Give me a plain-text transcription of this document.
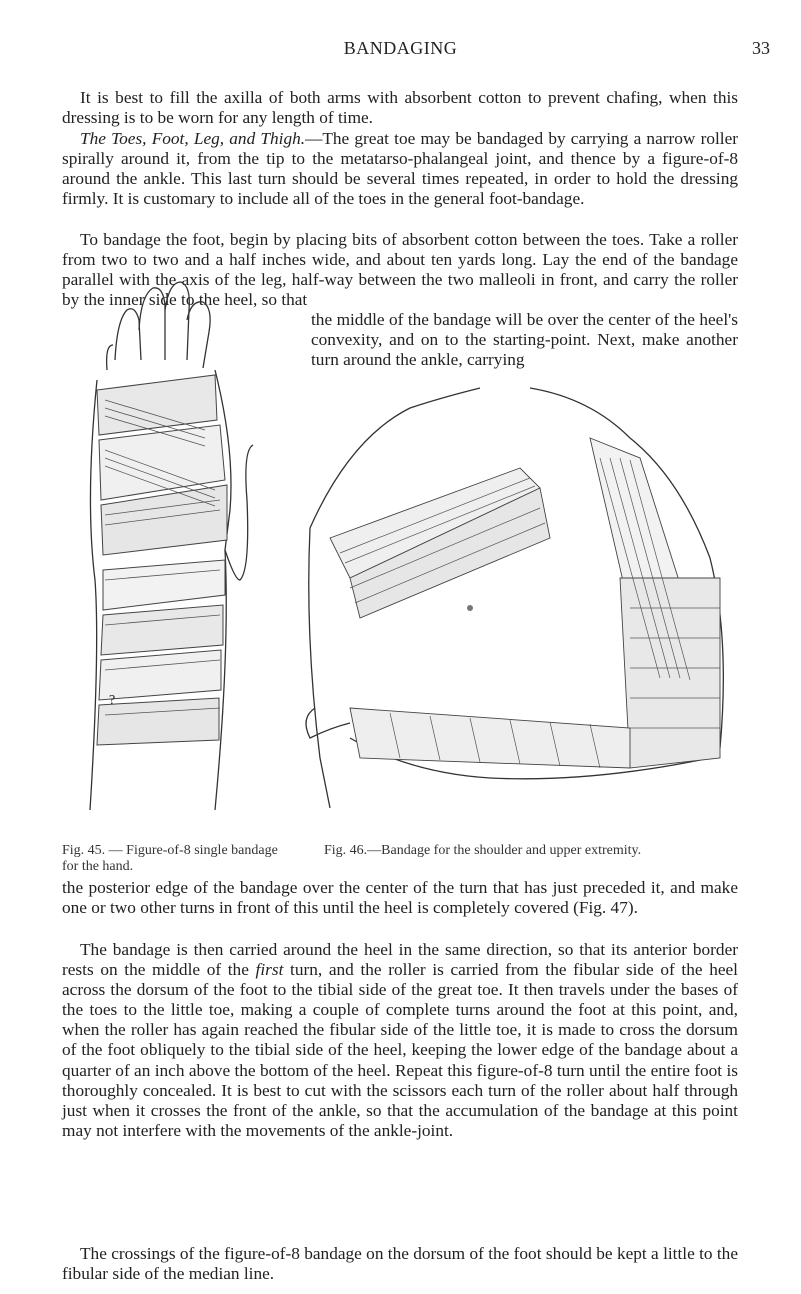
BANDAGING	33

It is best to fill the axilla of both arms with absorbent cotton to prevent chafing, when this dressing is to be worn for any length of time.

The Toes, Foot, Leg, and Thigh.—The great toe may be bandaged by carrying a narrow roller spirally around it, from the tip to the metatarso-phalangeal joint, and thence by a figure-of-8 around the ankle. This last turn should be several times repeated, in order to hold the dressing firmly. It is customary to include all of the toes in the general foot-bandage.

To bandage the foot, begin by placing bits of absorbent cotton between the toes. Take a roller from two to two and a half inches wide, and about ten yards long. Lay the end of the bandage parallel with the axis of the leg, half-way between the two malleoli in front, and carry the roller by the inner side to the heel, so that

the middle of the bandage will be over the center of the heel's convexity, and on to the starting-point. Next, make another turn around the ankle, carrying
?
Fig. 45. — Figure-of-8 single bandage for the hand.
Fig. 46.—Bandage for the shoulder and upper extremity.

the posterior edge of the bandage over the center of the turn that has just preceded it, and make one or two other turns in front of this until the heel is completely covered (Fig. 47).

The bandage is then carried around the heel in the same direction, so that its anterior border rests on the middle of the first turn, and the roller is carried from the fibular side of the heel across the dorsum of the foot to the tibial side of the great toe. It then travels under the bases of the toes to the little toe, making a couple of complete turns around the foot at this point, and, when the roller has again reached the fibular side of the little toe, it is made to cross the dorsum of the foot obliquely to the tibial side of the heel, keeping the lower edge of the bandage about a quarter of an inch above the bottom of the heel. Repeat this figure-of-8 turn until the entire foot is thoroughly concealed. It is best to cut with the scissors each turn of the roller about half through just when it crosses the front of the ankle, so that the accumulation of the bandage at this point may not interfere with the movements of the ankle-joint.

The crossings of the figure-of-8 bandage on the dorsum of the foot should be kept a little to the fibular side of the median line.
